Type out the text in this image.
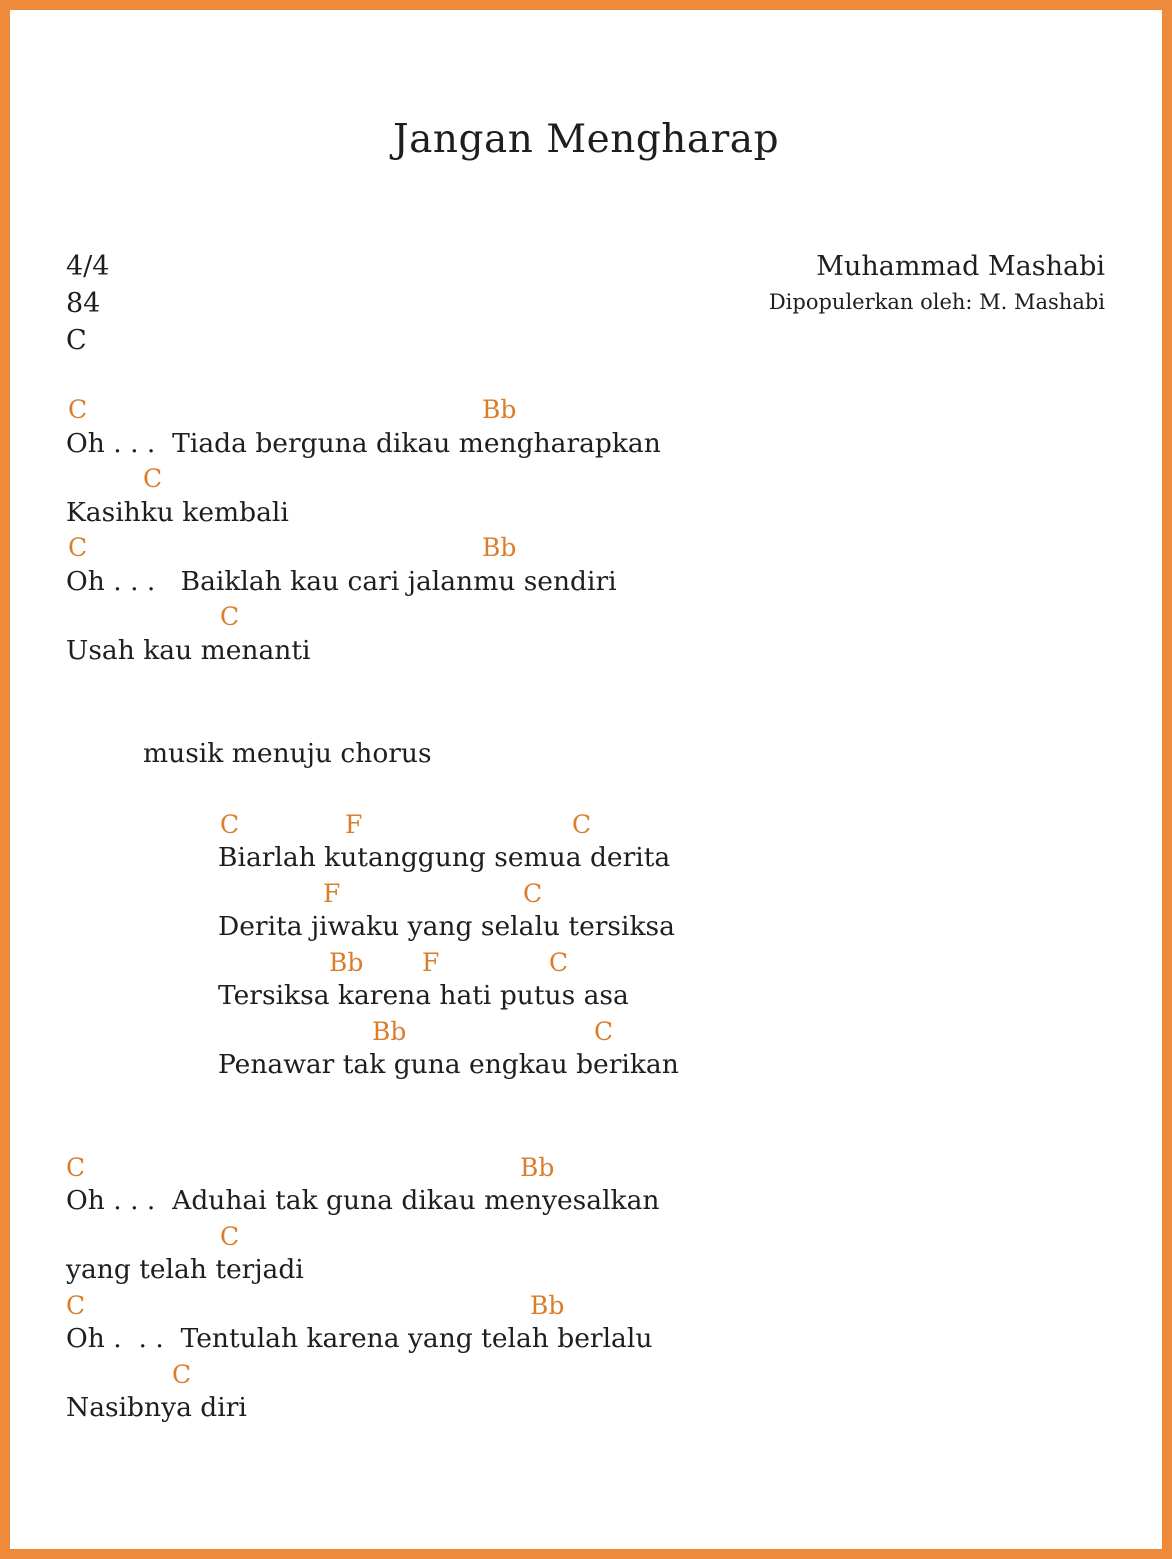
Jangan Mengharap
4/4
84
C
Muhammad Mashabi
Dipopulerkan oleh: M. Mashabi
C	Bb
Oh . . .  Tiada berguna dikau mengharapkan
C
Kasihku kembali
C	Bb
Oh . . .   Baiklah kau cari jalanmu sendiri
C
Usah kau menanti
musik menuju chorus
C	F	C
Biarlah kutanggung semua derita
F	C
Derita jiwaku yang selalu tersiksa
Bb F	C
Tersiksa karena hati putus asa
Bb	C
Penawar tak guna engkau berikan
C	Bb
Oh . . .  Aduhai tak guna dikau menyesalkan
C
yang telah terjadi
C	Bb
Oh .  . .  Tentulah karena yang telah berlalu
C
Nasibnya diri
